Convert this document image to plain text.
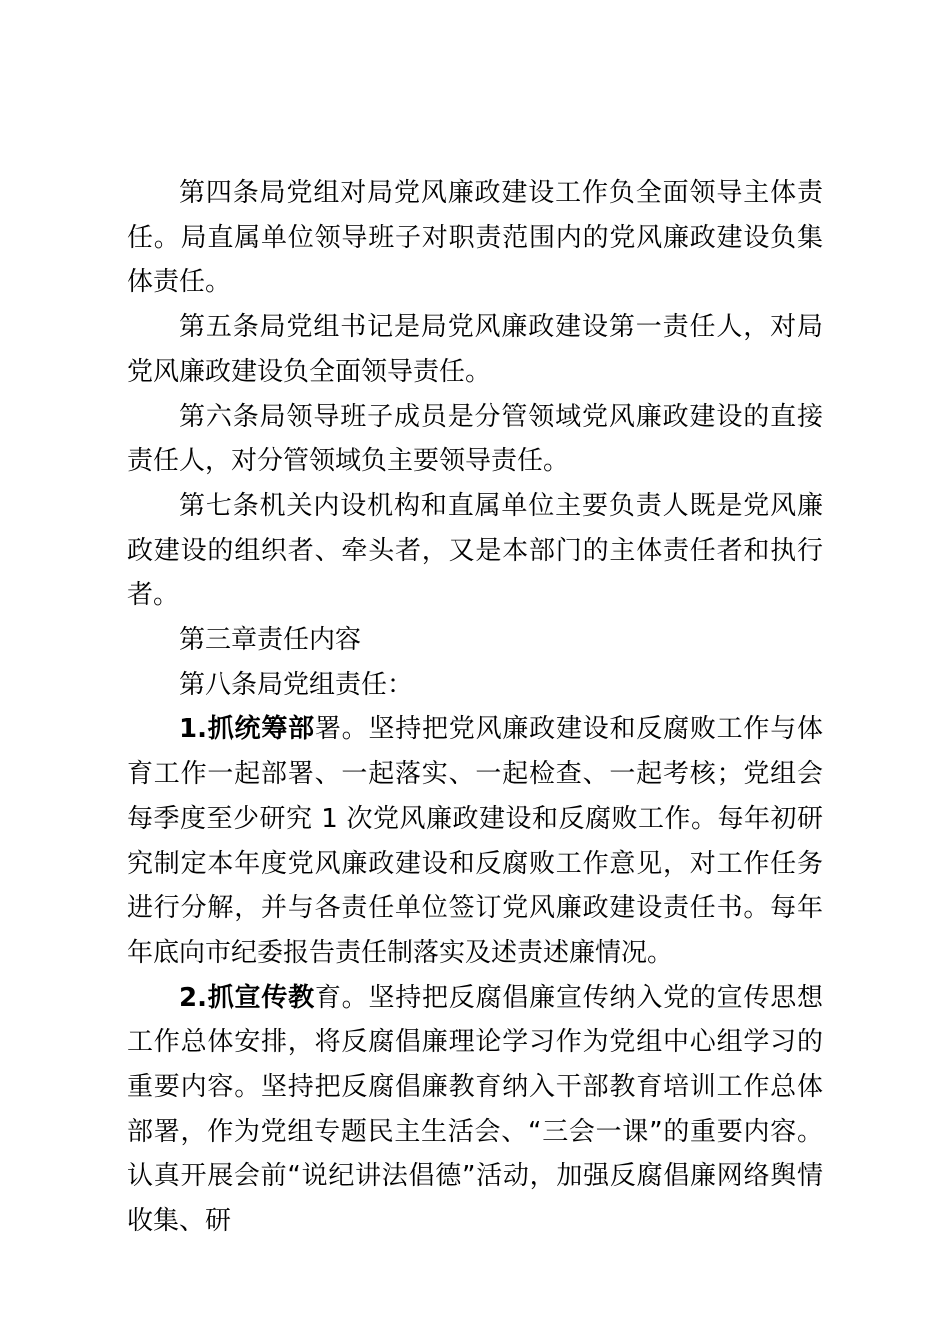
第四条局党组对局党风廉政建设工作负全面领导主体责任。局直属单位领导班子对职责范围内的党风廉政建设负集体责任。

第五条局党组书记是局党风廉政建设第一责任人，对局党风廉政建设负全面领导责任。

第六条局领导班子成员是分管领域党风廉政建设的直接责任人，对分管领域负主要领导责任。

第七条机关内设机构和直属单位主要负责人既是党风廉政建设的组织者、牵头者，又是本部门的主体责任者和执行者。

第三章责任内容

第八条局党组责任：

1.抓统筹部署。坚持把党风廉政建设和反腐败工作与体育工作一起部署、一起落实、一起检查、一起考核；党组会每季度至少研究 1 次党风廉政建设和反腐败工作。每年初研究制定本年度党风廉政建设和反腐败工作意见，对工作任务进行分解，并与各责任单位签订党风廉政建设责任书。每年年底向市纪委报告责任制落实及述责述廉情况。

2.抓宣传教育。坚持把反腐倡廉宣传纳入党的宣传思想工作总体安排，将反腐倡廉理论学习作为党组中心组学习的重要内容。坚持把反腐倡廉教育纳入干部教育培训工作总体部署，作为党组专题民主生活会、“三会一课”的重要内容。认真开展会前“说纪讲法倡德”活动，加强反腐倡廉网络舆情收集、研
